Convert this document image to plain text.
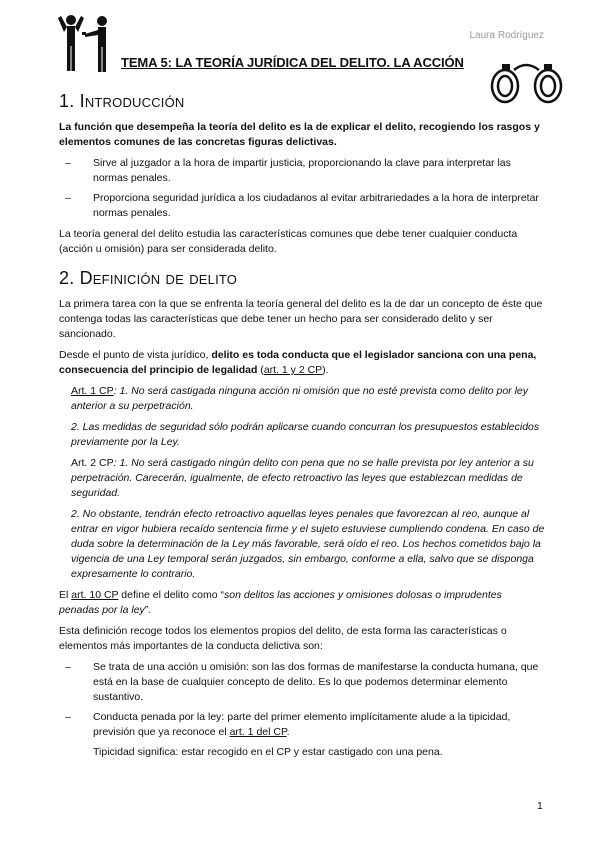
Laura Rodríguez
TEMA 5: LA TEORÍA JURÍDICA DEL DELITO. LA ACCIÓN
1. Introducción

La función que desempeña la teoría del delito es la de explicar el delito, recogiendo los rasgos y elementos comunes de las concretas figuras delictivas.

– Sirve al juzgador a la hora de impartir justicia, proporcionando la clave para interpretar las normas penales.
– Proporciona seguridad jurídica a los ciudadanos al evitar arbitrariedades a la hora de interpretar normas penales.

La teoría general del delito estudia las características comunes que debe tener cualquier conducta (acción u omisión) para ser considerada delito.

2. Definición de delito

La primera tarea con la que se enfrenta la teoría general del delito es la de dar un concepto de éste que contenga todas las características que debe tener un hecho para ser considerado delito y ser sancionado.

Desde el punto de vista jurídico, delito es toda conducta que el legislador sanciona con una pena, consecuencia del principio de legalidad (art. 1 y 2 CP).

Art. 1 CP: 1. No será castigada ninguna acción ni omisión que no esté prevista como delito por ley anterior a su perpetración.

2. Las medidas de seguridad sólo podrán aplicarse cuando concurran los presupuestos establecidos previamente por la Ley.

Art. 2 CP: 1. No será castigado ningún delito con pena que no se halle prevista por ley anterior a su perpetración. Carecerán, igualmente, de efecto retroactivo las leyes que establezcan medidas de seguridad.

2. No obstante, tendrán efecto retroactivo aquellas leyes penales que favorezcan al reo, aunque al entrar en vigor hubiera recaído sentencia firme y el sujeto estuviese cumpliendo condena. En caso de duda sobre la determinación de la Ley más favorable, será oído el reo. Los hechos cometidos bajo la vigencia de una Ley temporal serán juzgados, sin embargo, conforme a ella, salvo que se disponga expresamente lo contrario.

El art. 10 CP define el delito como “son delitos las acciones y omisiones dolosas o imprudentes penadas por la ley”.

Esta definición recoge todos los elementos propios del delito, de esta forma las características o elementos más importantes de la conducta delictiva son:

– Se trata de una acción u omisión: son las dos formas de manifestarse la conducta humana, que está en la base de cualquier concepto de delito. Es lo que podemos determinar elemento sustantivo.
– Conducta penada por la ley: parte del primer elemento implícitamente alude a la tipicidad, previsión que ya reconoce el art. 1 del CP.

Tipicidad significa: estar recogido en el CP y estar castigado con una pena.

1
